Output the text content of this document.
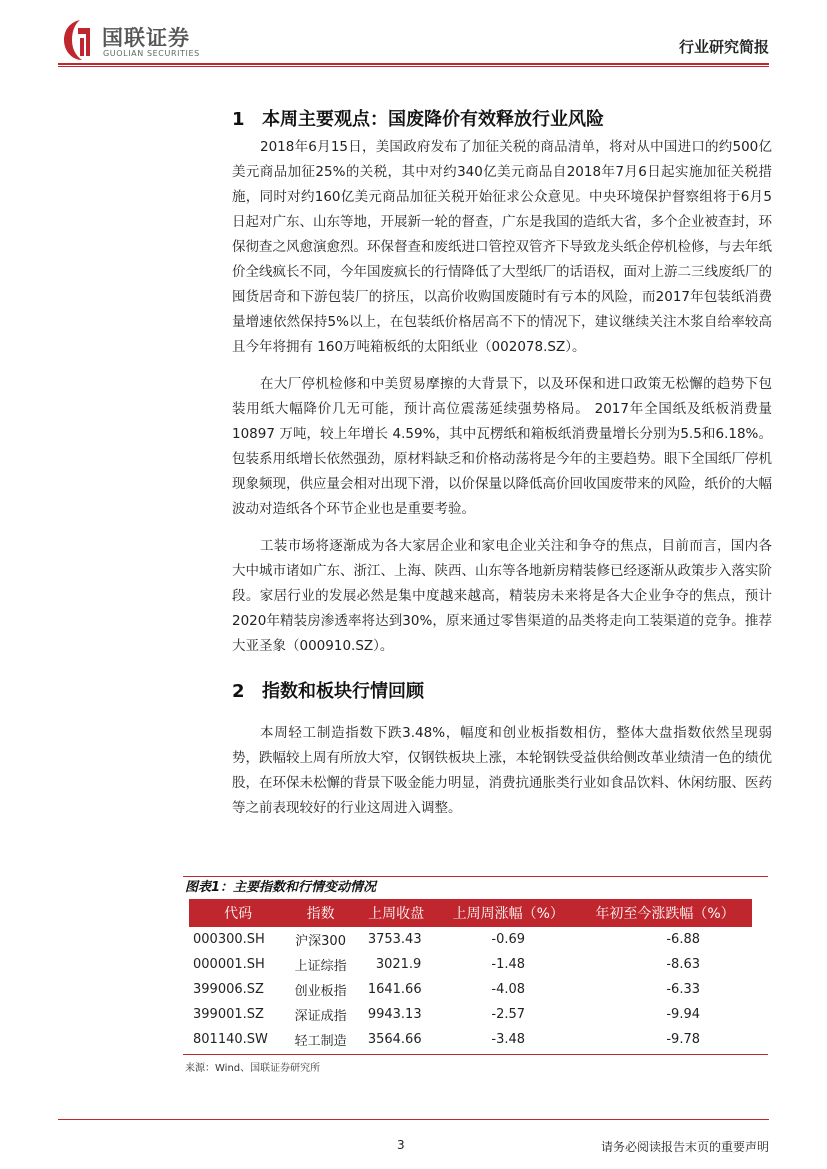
国联证券
GUOLIAN SECURITIES	行业研究简报
1 本周主要观点：国废降价有效释放行业风险

2018年6月15日，美国政府发布了加征关税的商品清单，将对从中国进口的约500亿美元商品加征25%的关税，其中对约340亿美元商品自2018年7月6日起实施加征关税措施，同时对约160亿美元商品加征关税开始征求公众意见。中央环境保护督察组将于6月5日起对广东、山东等地，开展新一轮的督查，广东是我国的造纸大省，多个企业被查封，环保彻查之风愈演愈烈。环保督查和废纸进口管控双管齐下导致龙头纸企停机检修，与去年纸价全线疯长不同，今年国废疯长的行情降低了大型纸厂的话语权，面对上游二三线废纸厂的囤货居奇和下游包装厂的挤压，以高价收购国废随时有亏本的风险，而2017年包装纸消费量增速依然保持5%以上，在包装纸价格居高不下的情况下，建议继续关注木浆自给率较高且今年将拥有 160万吨箱板纸的太阳纸业（002078.SZ）。

在大厂停机检修和中美贸易摩擦的大背景下，以及环保和进口政策无松懈的趋势下包装用纸大幅降价几无可能，预计高位震荡延续强势格局。 2017年全国纸及纸板消费量 10897 万吨，较上年增长 4.59%，其中瓦楞纸和箱板纸消费量增长分别为5.5和6.18%。包装系用纸增长依然强劲，原材料缺乏和价格动荡将是今年的主要趋势。眼下全国纸厂停机现象频现，供应量会相对出现下滑，以价保量以降低高价回收国废带来的风险，纸价的大幅波动对造纸各个环节企业也是重要考验。

工装市场将逐渐成为各大家居企业和家电企业关注和争夺的焦点，目前而言，国内各大中城市诸如广东、浙江、上海、陕西、山东等各地新房精装修已经逐渐从政策步入落实阶段。家居行业的发展必然是集中度越来越高，精装房未来将是各大企业争夺的焦点，预计2020年精装房渗透率将达到30%，原来通过零售渠道的品类将走向工装渠道的竞争。推荐大亚圣象（000910.SZ）。

2 指数和板块行情回顾

本周轻工制造指数下跌3.48%，幅度和创业板指数相仿，整体大盘指数依然呈现弱势，跌幅较上周有所放大窄，仅钢铁板块上涨，本轮钢铁受益供给侧改革业绩清一色的绩优股，在环保未松懈的背景下吸金能力明显，消费抗通胀类行业如食品饮料、休闲纺服、医药等之前表现较好的行业这周进入调整。

图表1：主要指数和行情变动情况
代码	指数	上周收盘	上周周涨幅（%）	年初至今涨跌幅（%）
000300.SH	沪深300	3753.43	-0.69	-6.88
000001.SH	上证综指	3021.9	-1.48	-8.63
399006.SZ	创业板指	1641.66	-4.08	-6.33
399001.SZ	深证成指	9943.13	-2.57	-9.94
801140.SW	轻工制造	3564.66	-3.48	-9.78
来源：Wind、国联证券研究所
3	请务必阅读报告末页的重要声明
